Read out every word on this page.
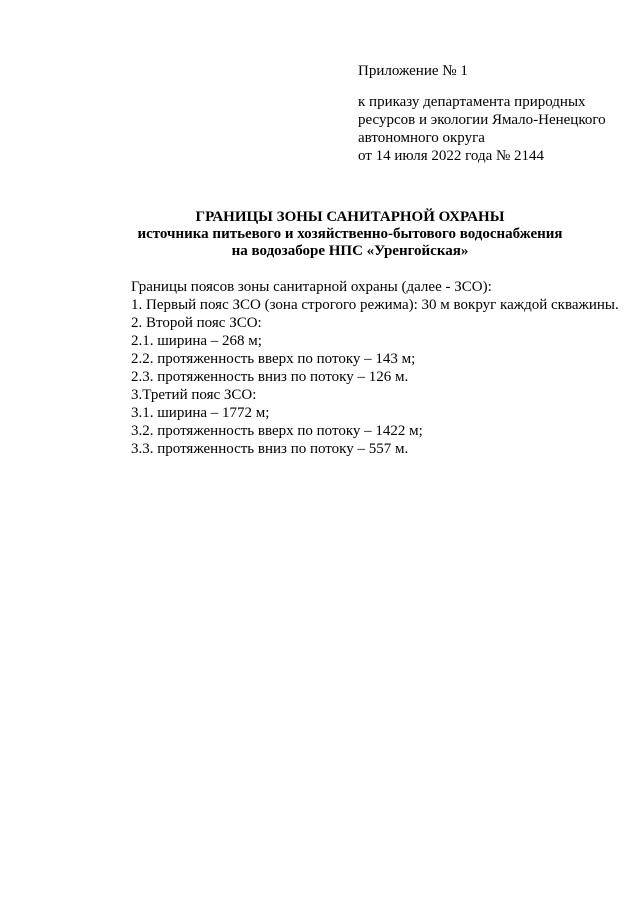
Приложение № 1
к приказу департамента природных
ресурсов и экологии Ямало-Ненецкого
автономного округа
от 14 июля 2022 года № 2144
ГРАНИЦЫ ЗОНЫ САНИТАРНОЙ ОХРАНЫ
источника питьевого и хозяйственно-бытового водоснабжения
на водозаборе НПС «Уренгойская»
Границы поясов зоны санитарной охраны (далее - ЗСО):
1. Первый пояс ЗСО (зона строгого режима): 30 м вокруг каждой скважины.
2. Второй пояс ЗСО:
2.1. ширина – 268 м;
2.2. протяженность вверх по потоку – 143 м;
2.3. протяженность вниз по потоку – 126 м.
3.Третий пояс ЗСО:
3.1. ширина – 1772 м;
3.2. протяженность вверх по потоку – 1422 м;
3.3. протяженность вниз по потоку – 557 м.
